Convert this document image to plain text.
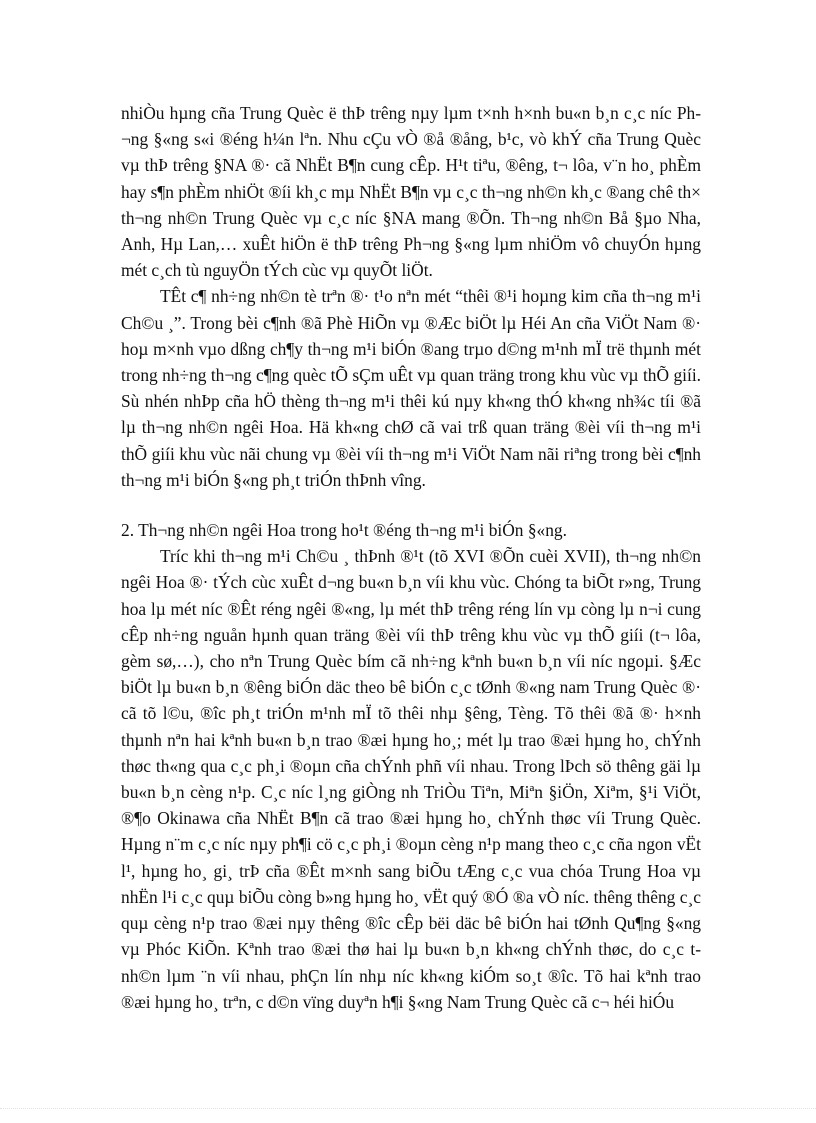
nhiÒu hµng cña Trung Quèc ë thÞ trêng nµy lµm t×nh h×nh bu«n b¸n c¸c níc Ph¬ng §«ng s«i ®éng h¼n lªn. Nhu cÇu vÒ ®å ®ång, b¹c, vò khÝ cña Trung Quèc vµ thÞ trêng §NA ®· cã NhËt B¶n cung cÊp. H¹t tiªu, ®êng, t¬ lôa, v¨n ho¸ phÈm hay s¶n phÈm nhiÖt ®íi kh¸c mµ NhËt B¶n vµ c¸c th¬ng nh©n kh¸c ®ang chê th× th¬ng nh©n Trung Quèc vµ c¸c níc §NA mang ®Õn. Th¬ng nh©n Bå §µo Nha, Anh, Hµ Lan,… xuÊt hiÖn ë thÞ trêng Ph¬ng §«ng lµm nhiÖm vô chuyÓn hµng mét c¸ch tù nguyÖn tÝch cùc vµ quyÕt liÖt.

TÊt c¶ nh÷ng nh©n tè trªn ®· t¹o nªn mét “thêi ®¹i hoµng kim cña th¬ng m¹i Ch©u ¸”. Trong bèi c¶nh ®ã Phè HiÕn vµ ®Æc biÖt lµ Héi An cña ViÖt Nam ®· hoµ m×nh vµo dßng ch¶y th¬ng m¹i biÓn ®ang trµo d©ng m¹nh mÏ trë thµnh mét trong nh÷ng th¬ng c¶ng quèc tÕ sÇm uÊt vµ quan träng trong khu vùc vµ thÕ giíi. Sù nhén nhÞp cña hÖ thèng th¬ng m¹i thêi kú nµy kh«ng thÓ kh«ng nh¾c tíi ®ã lµ th¬ng nh©n ngêi Hoa. Hä kh«ng chØ cã vai trß quan träng ®èi víi th¬ng m¹i thÕ giíi khu vùc nãi chung vµ ®èi víi th¬ng m¹i ViÖt Nam nãi riªng trong bèi c¶nh th¬ng m¹i biÓn §«ng ph¸t triÓn thÞnh vîng.

2. Th¬ng nh©n ngêi Hoa trong ho¹t ®éng th¬ng m¹i biÓn §«ng.

Tríc khi th¬ng m¹i Ch©u ¸ thÞnh ®¹t (tõ XVI ®Õn cuèi XVII), th¬ng nh©n ngêi Hoa ®· tÝch cùc xuÊt d¬ng bu«n b¸n víi khu vùc. Chóng ta biÕt r»ng, Trung hoa lµ mét níc ®Êt réng ngêi ®«ng, lµ mét thÞ trêng réng lín vµ còng lµ n¬i cung cÊp nh÷ng nguån hµnh quan träng ®èi víi thÞ trêng khu vùc vµ thÕ giíi (t¬ lôa, gèm sø,…), cho nªn Trung Quèc bím cã nh÷ng kªnh bu«n b¸n víi níc ngoµi. §Æc biÖt lµ bu«n b¸n ®êng biÓn däc theo bê biÓn c¸c tØnh ®«ng nam Trung Quèc ®· cã tõ l©u, ®îc ph¸t triÓn m¹nh mÏ tõ thêi nhµ §êng, Tèng. Tõ thêi ®ã ®· h×nh thµnh nªn hai kªnh bu«n b¸n trao ®æi hµng ho¸; mét lµ trao ®æi hµng ho¸ chÝnh thøc th«ng qua c¸c ph¸i ®oµn cña chÝnh phñ víi nhau. Trong lÞch sö thêng gäi lµ bu«n b¸n cèng n¹p. C¸c níc l¸ng giÒng nh TriÒu Tiªn, Miªn §iÖn, Xiªm, §¹i ViÖt, ®¶o Okinawa cña NhËt B¶n cã trao ®æi hµng ho¸ chÝnh thøc víi Trung Quèc. Hµng n¨m c¸c níc nµy ph¶i cö c¸c ph¸i ®oµn cèng n¹p mang theo c¸c cña ngon vËt l¹, hµng ho¸ gi¸ trÞ cña ®Êt m×nh sang biÕu tÆng c¸c vua chóa Trung Hoa vµ nhËn l¹i c¸c quµ biÕu còng b»ng hµng ho¸ vËt quý ®Ó ®a vÒ níc. thêng thêng c¸c quµ cèng n¹p trao ®æi nµy thêng ®îc cÊp bëi däc bê biÓn hai tØnh Qu¶ng §«ng vµ Phóc KiÕn. Kªnh trao ®æi thø hai lµ bu«n b¸n kh«ng chÝnh thøc, do c¸c t nh©n lµm ¨n víi nhau, phÇn lín nhµ níc kh«ng kiÓm so¸t ®îc. Tõ hai kªnh trao ®æi hµng ho¸ trªn, c d©n vïng duyªn h¶i §«ng Nam Trung Quèc cã c¬ héi hiÓu
